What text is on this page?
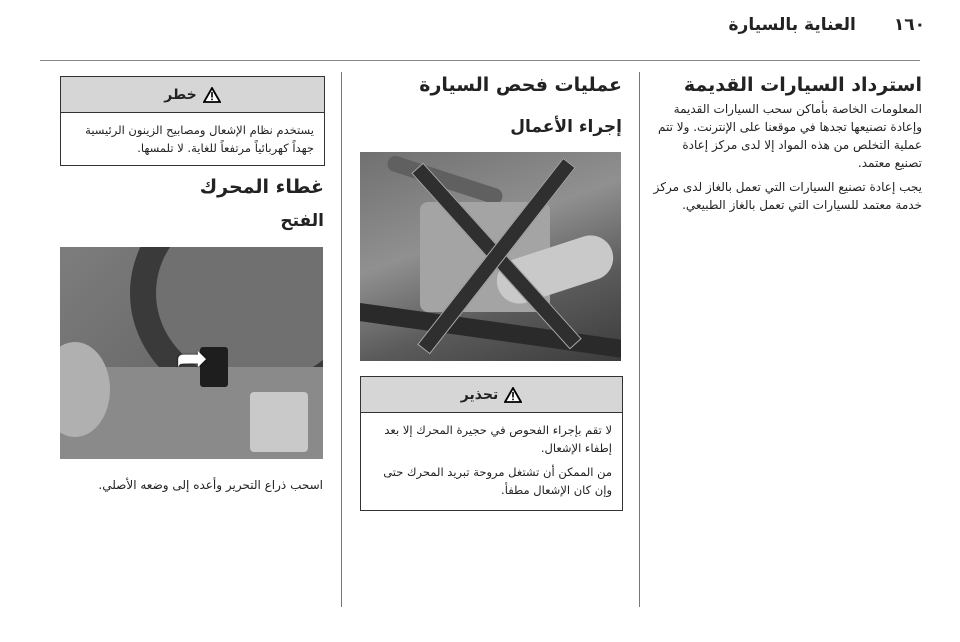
١٦٠
العناية بالسيارة
استرداد السيارات القديمة

المعلومات الخاصة بأماكن سحب السيارات القديمة وإعادة تصنيعها تجدها في موقعنا على الإنترنت. ولا تتم عملية التخلص من هذه المواد إلا لدى مركز إعادة تصنيع معتمد.

يجب إعادة تصنيع السيارات التي تعمل بالغاز لدى مركز خدمة معتمد للسيارات التي تعمل بالغاز الطبيعي.

عمليات فحص السيارة
إجراء الأعمال
تحذير

لا تقم بإجراء الفحوص في حجيرة المحرك إلا بعد إطفاء الإشعال.

من الممكن أن تشتغل مروحة تبريد المحرك حتى وإن كان الإشعال مطفأ.

خطر

يستخدم نظام الإشعال ومصابيح الزينون الرئيسية جهداً كهربائياً مرتفعاً للغاية. لا تلمسها.

غطاء المحرك
الفتح
➦

اسحب ذراع التحرير وأعده إلى وضعه الأصلي.
